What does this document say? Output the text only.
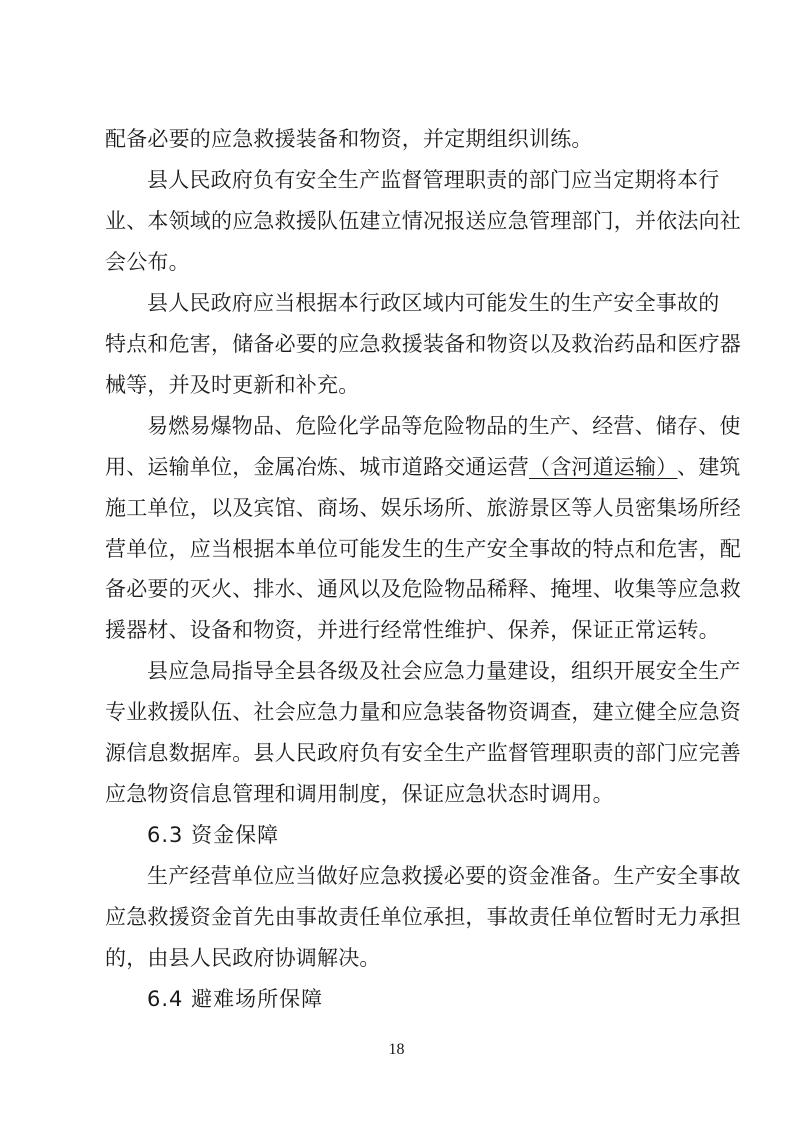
配备必要的应急救援装备和物资，并定期组织训练。
县人民政府负有安全生产监督管理职责的部门应当定期将本行
业、本领域的应急救援队伍建立情况报送应急管理部门，并依法向社
会公布。
县人民政府应当根据本行政区域内可能发生的生产安全事故的
特点和危害，储备必要的应急救援装备和物资以及救治药品和医疗器
械等，并及时更新和补充。
易燃易爆物品、危险化学品等危险物品的生产、经营、储存、使
用、运输单位，金属冶炼、城市道路交通运营 （含河道运输） 、建筑
施工单位，以及宾馆、商场、娱乐场所、旅游景区等人员密集场所经
营单位，应当根据本单位可能发生的生产安全事故的特点和危害，配
备必要的灭火、排水、通风以及危险物品稀释、掩埋、收集等应急救
援器材、设备和物资，并进行经常性维护、保养，保证正常运转。
县应急局指导全县各级及社会应急力量建设，组织开展安全生产
专业救援队伍、社会应急力量和应急装备物资调查，建立健全应急资
源信息数据库。县人民政府负有安全生产监督管理职责的部门应完善
应急物资信息管理和调用制度，保证应急状态时调用。
6.3 资金保障
生产经营单位应当做好应急救援必要的资金准备。生产安全事故
应急救援资金首先由事故责任单位承担，事故责任单位暂时无力承担
的，由县人民政府协调解决。
6.4 避难场所保障
18
